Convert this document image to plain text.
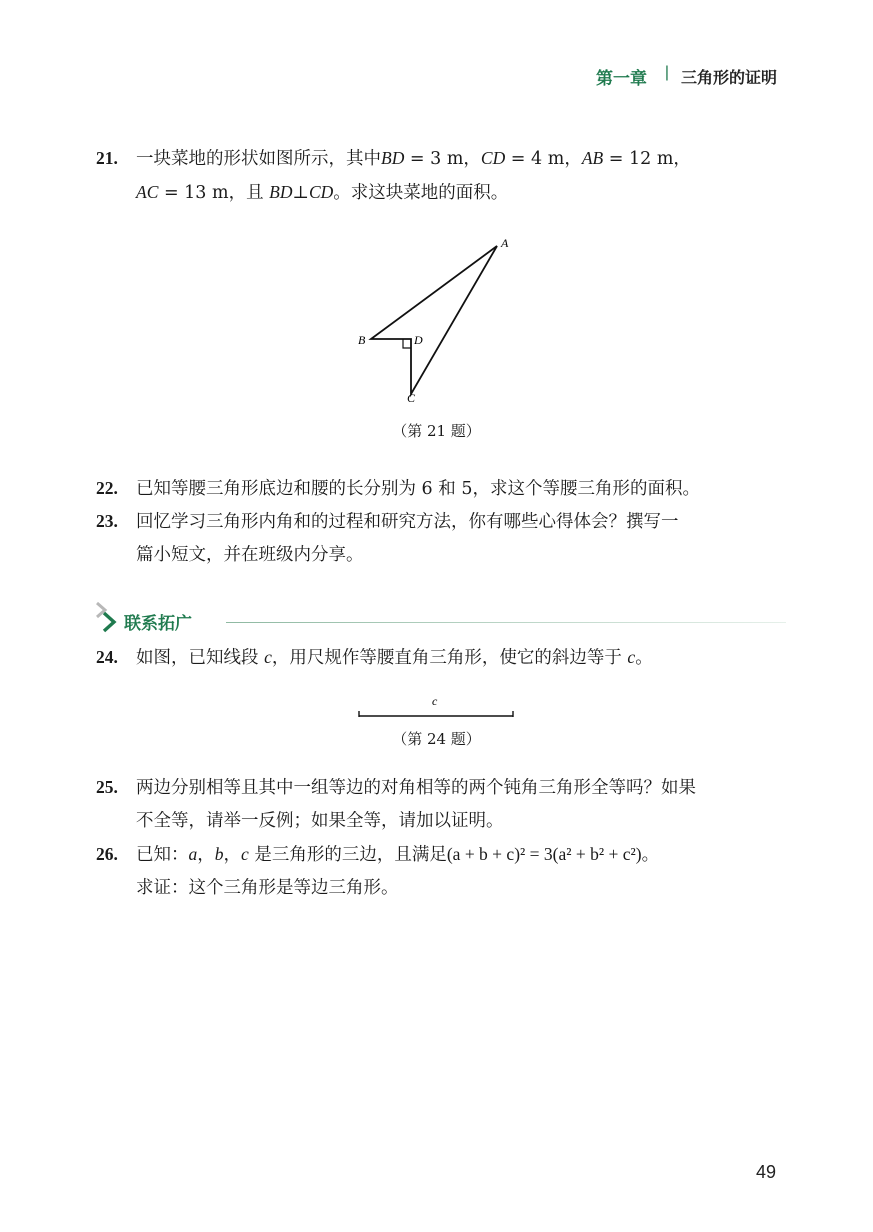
第一章 | 三角形的证明
21. 一块菜地的形状如图所示，其中BD = 3 m，CD = 4 m，AB = 12 m，
AC = 13 m，且 BD⊥CD。求这块菜地的面积。
A
B
C
D
（第 21 题）
22. 已知等腰三角形底边和腰的长分别为 6 和 5，求这个等腰三角形的面积。
23. 回忆学习三角形内角和的过程和研究方法，你有哪些心得体会？撰写一
篇小短文，并在班级内分享。
联系拓广
24. 如图，已知线段 c，用尺规作等腰直角三角形，使它的斜边等于 c。
c
（第 24 题）
25. 两边分别相等且其中一组等边的对角相等的两个钝角三角形全等吗？如果
不全等，请举一反例；如果全等，请加以证明。
26. 已知：a，b，c 是三角形的三边，且满足(a + b + c)² = 3(a² + b² + c²)。
求证：这个三角形是等边三角形。
49
